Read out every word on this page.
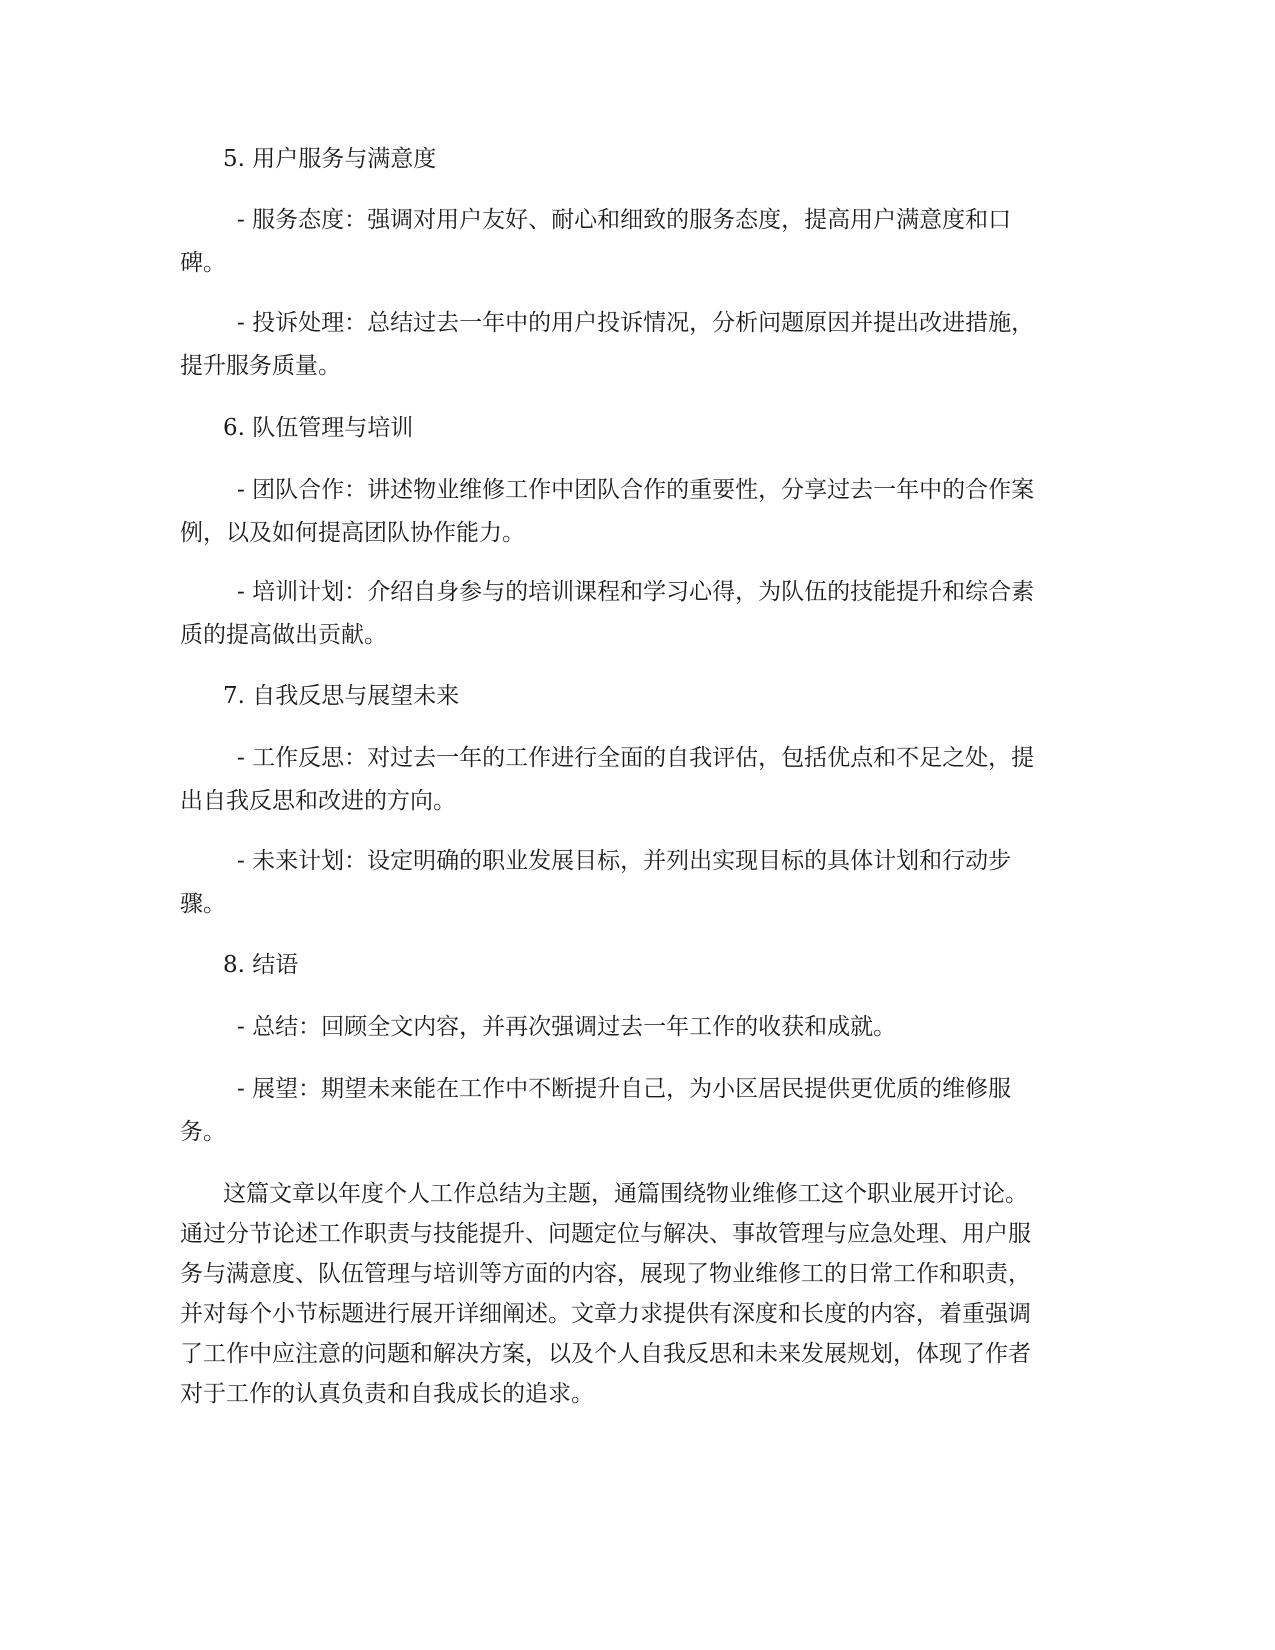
5. 用户服务与满意度

- 服务态度：强调对用户友好、耐心和细致的服务态度，提高用户满意度和口碑。

- 投诉处理：总结过去一年中的用户投诉情况，分析问题原因并提出改进措施，提升服务质量。

6. 队伍管理与培训

- 团队合作：讲述物业维修工作中团队合作的重要性，分享过去一年中的合作案例，以及如何提高团队协作能力。

- 培训计划：介绍自身参与的培训课程和学习心得，为队伍的技能提升和综合素质的提高做出贡献。

7. 自我反思与展望未来

- 工作反思：对过去一年的工作进行全面的自我评估，包括优点和不足之处，提出自我反思和改进的方向。

- 未来计划：设定明确的职业发展目标，并列出实现目标的具体计划和行动步骤。

8. 结语

- 总结：回顾全文内容，并再次强调过去一年工作的收获和成就。

- 展望：期望未来能在工作中不断提升自己，为小区居民提供更优质的维修服务。

这篇文章以年度个人工作总结为主题，通篇围绕物业维修工这个职业展开讨论。通过分节论述工作职责与技能提升、问题定位与解决、事故管理与应急处理、用户服务与满意度、队伍管理与培训等方面的内容，展现了物业维修工的日常工作和职责，并对每个小节标题进行展开详细阐述。文章力求提供有深度和长度的内容，着重强调了工作中应注意的问题和解决方案，以及个人自我反思和未来发展规划，体现了作者对于工作的认真负责和自我成长的追求。
